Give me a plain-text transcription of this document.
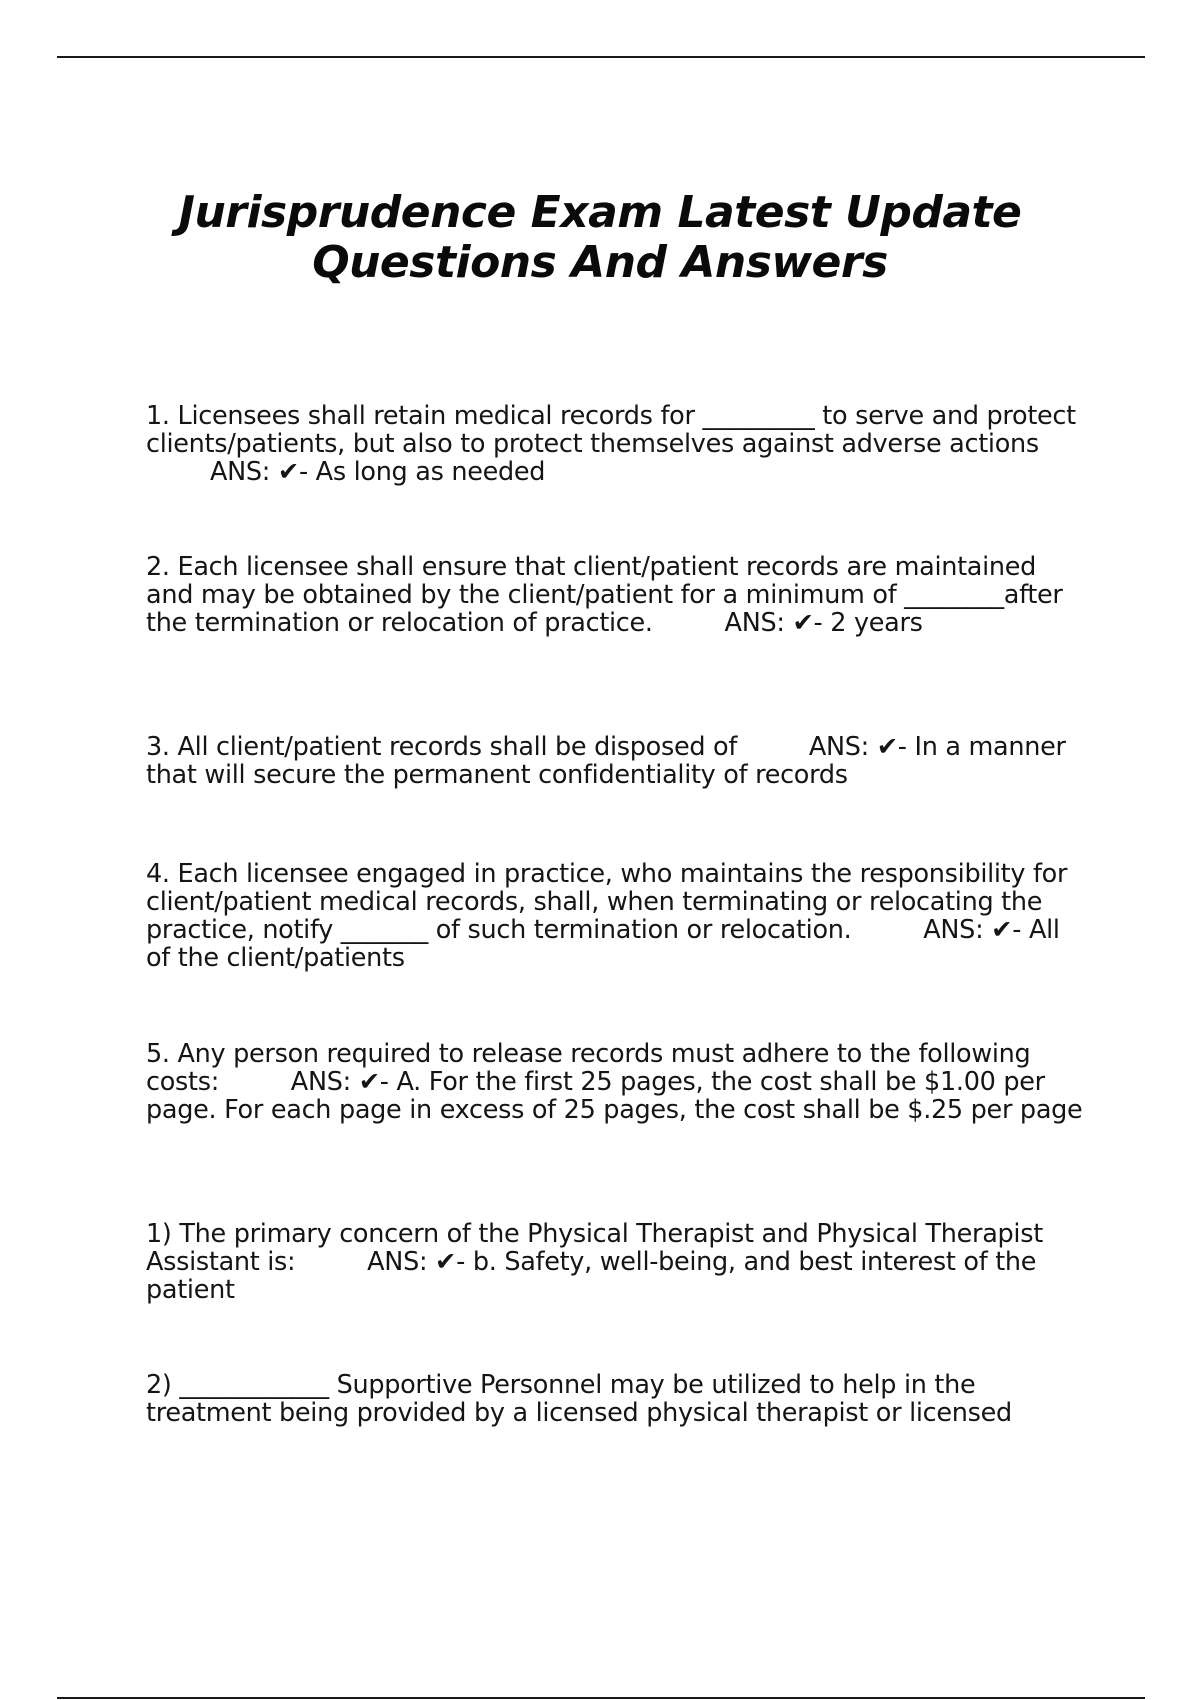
Jurisprudence Exam Latest Update
Questions And Answers

1. Licensees shall retain medical records for _________ to serve and protect clients/patients, but also to protect themselves against adverse actions ANS: ✔- As long as needed

2. Each licensee shall ensure that client/patient records are maintained and may be obtained by the client/patient for a minimum of ________after the termination or relocation of practice.	ANS: ✔- 2 years

3. All client/patient records shall be disposed of	ANS: ✔- In a manner that will secure the permanent confidentiality of records

4. Each licensee engaged in practice, who maintains the responsibility for client/patient medical records, shall, when terminating or relocating the practice, notify _______ of such termination or relocation.	ANS: ✔- All of the client/patients

5. Any person required to release records must adhere to the following costs:	ANS: ✔- A. For the first 25 pages, the cost shall be $1.00 per page. For each page in excess of 25 pages, the cost shall be $.25 per page

1) The primary concern of the Physical Therapist and Physical Therapist Assistant is:	ANS: ✔- b. Safety, well-being, and best interest of the patient

2) ____________ Supportive Personnel may be utilized to help in the treatment being provided by a licensed physical therapist or licensed
